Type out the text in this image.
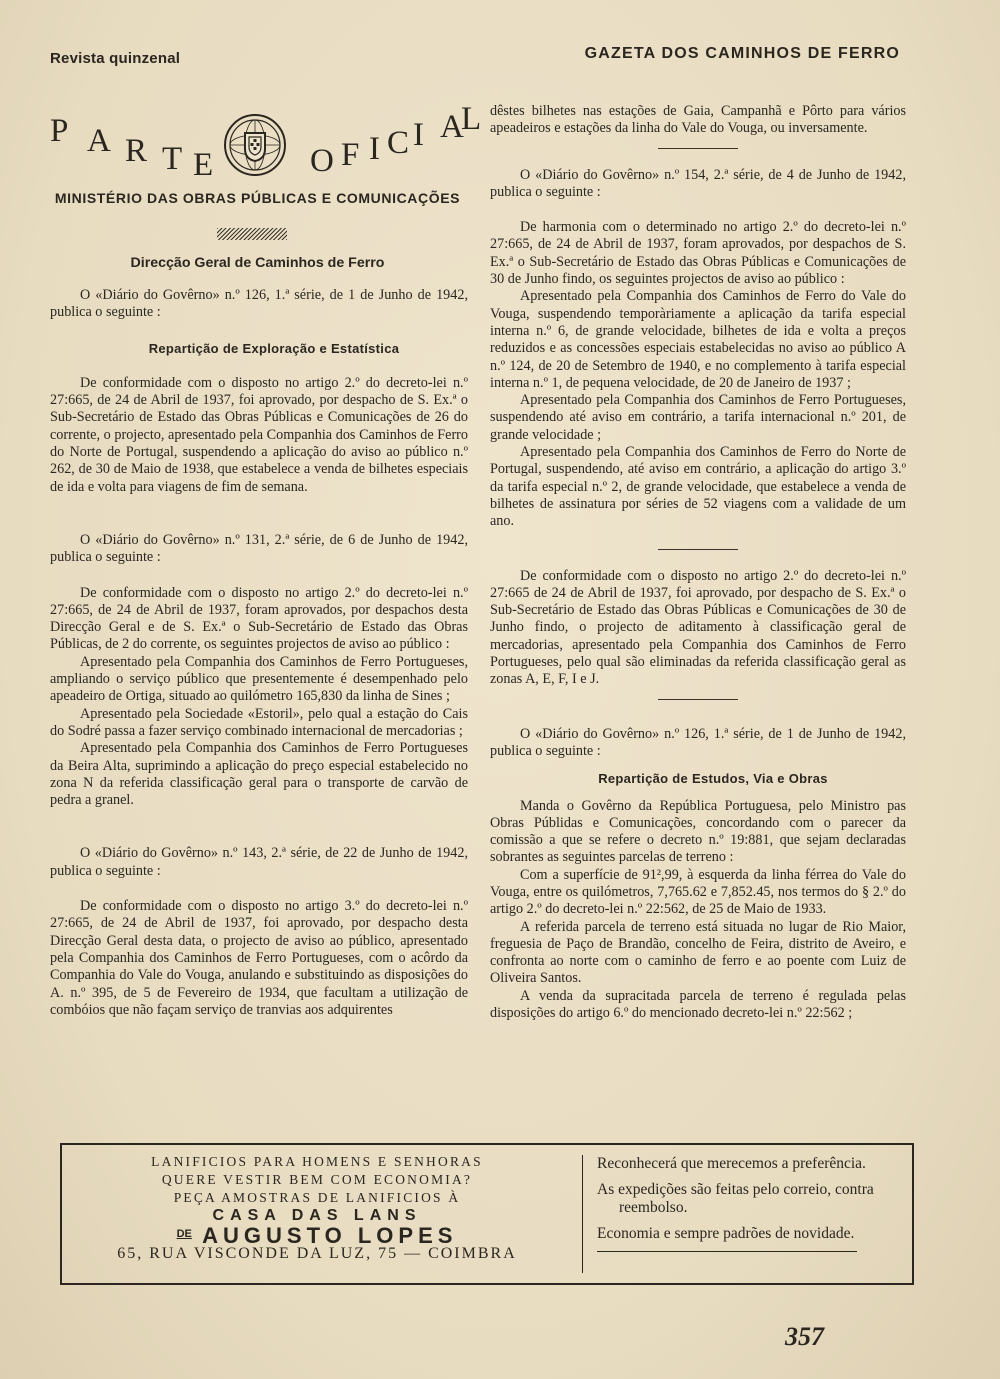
Revista quinzenal	GAZETA DOS CAMINHOS DE FERRO
P A R T E	O F I C I A
L
MINISTÉRIO DAS OBRAS PÚBLICAS E COMUNICAÇÕES
Direcção Geral de Caminhos de Ferro

O «Diário do Govêrno» n.º 126, 1.ª série, de 1 de Junho de 1942, publica o seguinte :

Repartição de Exploração e Estatística

De conformidade com o disposto no artigo 2.º do decreto-lei n.º 27:665, de 24 de Abril de 1937, foi aprovado, por despacho de S. Ex.ª o Sub-Secretário de Estado das Obras Públicas e Comunicações de 26 do corrente, o projecto, apresentado pela Companhia dos Caminhos de Ferro do Norte de Portugal, suspendendo a aplicação do aviso ao público n.º 262, de 30 de Maio de 1938, que estabelece a venda de bilhetes especiais de ida e volta para viagens de fim de semana.

O «Diário do Govêrno» n.º 131, 2.ª série, de 6 de Junho de 1942, publica o seguinte :

De conformidade com o disposto no artigo 2.º do decreto-lei n.º 27:665, de 24 de Abril de 1937, foram aprovados, por despachos desta Direcção Geral e de S. Ex.ª o Sub-Secretário de Estado das Obras Públicas, de 2 do corrente, os seguintes projectos de aviso ao público :

Apresentado pela Companhia dos Caminhos de Ferro Portugueses, ampliando o serviço público que presentemente é desempenhado pelo apeadeiro de Ortiga, situado ao quilómetro 165,830 da linha de Sines ;

Apresentado pela Sociedade «Estoril», pelo qual a estação do Cais do Sodré passa a fazer serviço combinado internacional de mercadorias ;

Apresentado pela Companhia dos Caminhos de Ferro Portugueses da Beira Alta, suprimindo a aplicação do preço especial estabelecido no zona N da referida classificação geral para o transporte de carvão de pedra a granel.

O «Diário do Govêrno» n.º 143, 2.ª série, de 22 de Junho de 1942, publica o seguinte :

De conformidade com o disposto no artigo 3.º do decreto-lei n.º 27:665, de 24 de Abril de 1937, foi aprovado, por despacho desta Direcção Geral desta data, o projecto de aviso ao público, apresentado pela Companhia dos Caminhos de Ferro Portugueses, com o acôrdo da Companhia do Vale do Vouga, anulando e substituindo as disposições do A. n.º 395, de 5 de Fevereiro de 1934, que facultam a utilização de combóios que não façam serviço de tranvias aos adquirentes

dêstes bilhetes nas estações de Gaia, Campanhã e Pôrto para vários apeadeiros e estações da linha do Vale do Vouga, ou inversamente.

O «Diário do Govêrno» n.º 154, 2.ª série, de 4 de Junho de 1942, publica o seguinte :

De harmonia com o determinado no artigo 2.º do decreto-lei n.º 27:665, de 24 de Abril de 1937, foram aprovados, por despachos de S. Ex.ª o Sub-Secretário de Estado das Obras Públicas e Comunicações de 30 de Junho findo, os seguintes projectos de aviso ao público :

Apresentado pela Companhia dos Caminhos de Ferro do Vale do Vouga, suspendendo temporàriamente a aplicação da tarifa especial interna n.º 6, de grande velocidade, bilhetes de ida e volta a preços reduzidos e as concessões especiais estabelecidas no aviso ao público A n.º 124, de 20 de Setembro de 1940, e no complemento à tarifa especial interna n.º 1, de pequena velocidade, de 20 de Janeiro de 1937 ;

Apresentado pela Companhia dos Caminhos de Ferro Portugueses, suspendendo até aviso em contrário, a tarifa internacional n.º 201, de grande velocidade ;

Apresentado pela Companhia dos Caminhos de Ferro do Norte de Portugal, suspendendo, até aviso em contrário, a aplicação do artigo 3.º da tarifa especial n.º 2, de grande velocidade, que estabelece a venda de bilhetes de assinatura por séries de 52 viagens com a validade de um ano.

De conformidade com o disposto no artigo 2.º do decreto-lei n.º 27:665 de 24 de Abril de 1937, foi aprovado, por despacho de S. Ex.ª o Sub-Secretário de Estado das Obras Públicas e Comunicações de 30 de Junho findo, o projecto de aditamento à classificação geral de mercadorias, apresentado pela Companhia dos Caminhos de Ferro Portugueses, pelo qual são eliminadas da referida classificação geral as zonas A, E, F, I e J.

O «Diário do Govêrno» n.º 126, 1.ª série, de 1 de Junho de 1942, publica o seguinte :

Repartição de Estudos, Via e Obras

Manda o Govêrno da República Portuguesa, pelo Ministro pas Obras Públidas e Comunicações, concordando com o parecer da comissão a que se refere o decreto n.º 19:881, que sejam declaradas sobrantes as seguintes parcelas de terreno :

Com a superfície de 91²,99, à esquerda da linha férrea do Vale do Vouga, entre os quilómetros, 7,765.62 e 7,852.45, nos termos do § 2.º do artigo 2.º do decreto-lei n.º 22:562, de 25 de Maio de 1933.

A referida parcela de terreno está situada no lugar de Rio Maior, freguesia de Paço de Brandão, concelho de Feira, distrito de Aveiro, e confronta ao norte com o caminho de ferro e ao poente com Luiz de Oliveira Santos.

A venda da supracitada parcela de terreno é regulada pelas disposições do artigo 6.º do mencionado decreto-lei n.º 22:562 ;

LANIFICIOS PARA HOMENS E SENHORAS
QUERE VESTIR BEM COM ECONOMIA?
PEÇA AMOSTRAS DE LANIFICIOS À
CASA DAS LANS
$^{DE}$ AUGUSTO LOPES
65, RUA VISCONDE DA LUZ, 75 — COIMBRA

Reconhecerá que merecemos a preferência.

As expedições são feitas pelo correio, contra reembolso.

Economia e sempre padrões de novidade.

357
